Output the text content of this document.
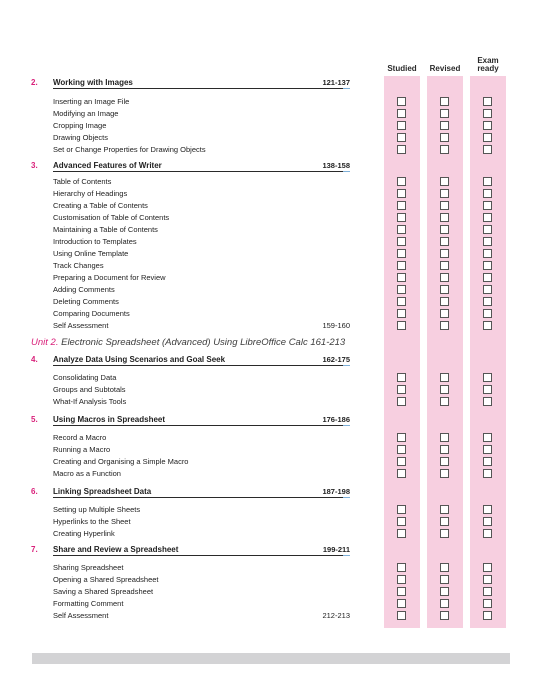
Studied	Revised
Exam
ready
2. Working with Images	121-137
Inserting an Image File
Modifying an Image
Cropping Image
Drawing Objects
Set or Change Properties for Drawing Objects
3. Advanced Features of Writer	138-158
Table of Contents
Hierarchy of Headings
Creating a Table of Contents
Customisation of Table of Contents
Maintaining a Table of Contents
Introduction to Templates
Using Online Template
Track Changes
Preparing a Document for Review
Adding Comments
Deleting Comments
Comparing Documents
Self Assessment	159-160
Unit 2. Electronic Spreadsheet (Advanced) Using LibreOffice Calc 161-213
4. Analyze Data Using Scenarios and Goal Seek	162-175
Consolidating Data
Groups and Subtotals
What-If Analysis Tools
5. Using Macros in Spreadsheet	176-186
Record a Macro
Running a Macro
Creating and Organising a Simple Macro
Macro as a Function
6. Linking Spreadsheet Data	187-198
Setting up Multiple Sheets
Hyperlinks to the Sheet
Creating Hyperlink
7. Share and Review a Spreadsheet	199-211
Sharing Spreadsheet
Opening a Shared Spreadsheet
Saving a Shared Spreadsheet
Formatting Comment
Self Assessment	212-213
